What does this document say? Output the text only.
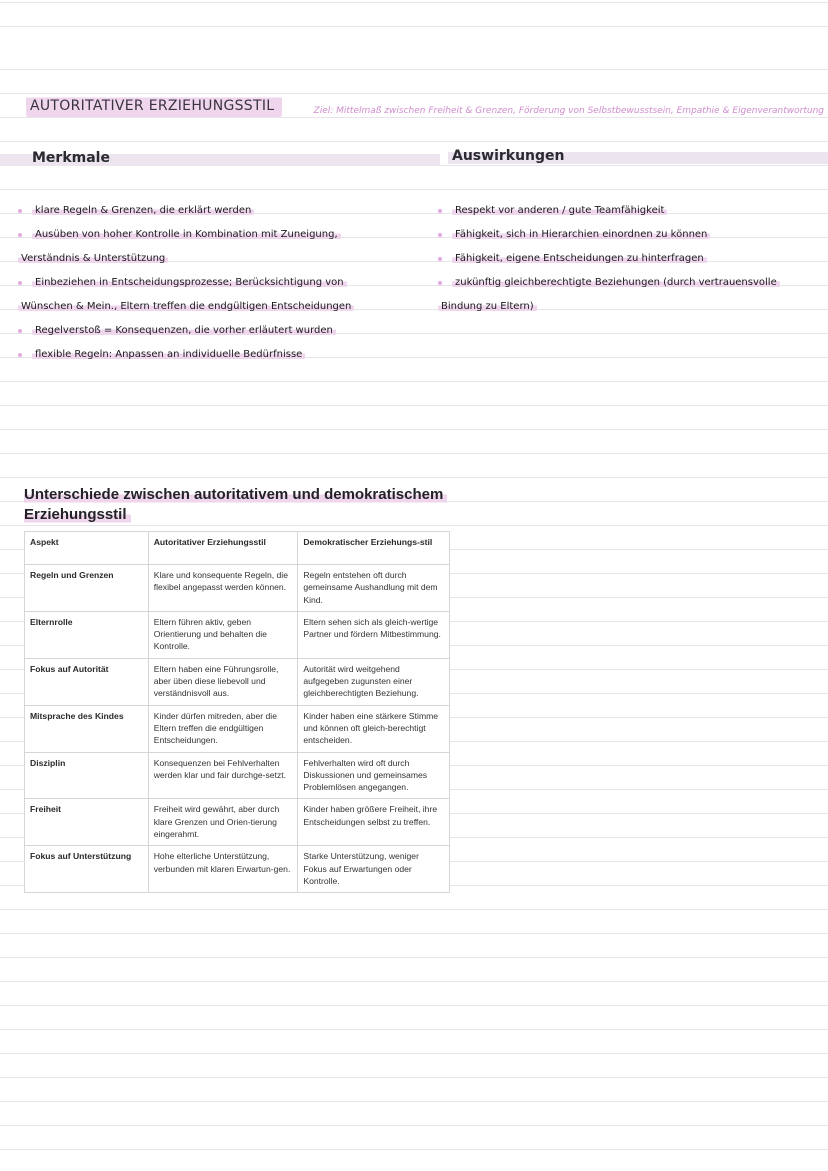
AUTORITATIVER ERZIEHUNGSSTIL	Ziel: Mittelmaß zwischen Freiheit & Grenzen, Förderung von Selbstbewusstsein, Empathie & Eigenverantwortung
Merkmale	Auswirkungen
klare Regeln & Grenzen, die erklärt werden
Ausüben von hoher Kontrolle in Kombination mit Zuneigung,
Verständnis & Unterstützung
Einbeziehen in Entscheidungsprozesse; Berücksichtigung von
Wünschen & Mein., Eltern treffen die endgültigen Entscheidungen
Regelverstoß = Konsequenzen, die vorher erläutert wurden
flexible Regeln: Anpassen an individuelle Bedürfnisse
Respekt vor anderen / gute Teamfähigkeit
Fähigkeit, sich in Hierarchien einordnen zu können
Fähigkeit, eigene Entscheidungen zu hinterfragen
zukünftig gleichberechtigte Beziehungen (durch vertrauensvolle
Bindung zu Eltern)
Unterschiede zwischen autoritativem und demokratischem
Erziehungsstil
Aspekt	Autoritativer Erziehungsstil	Demokratischer Erziehungs-stil
Regeln und Grenzen	Klare und konsequente Regeln, die flexibel angepasst werden können.	Regeln entstehen oft durch gemeinsame Aushandlung mit dem Kind.
Elternrolle	Eltern führen aktiv, geben Orientierung und behalten die Kontrolle.	Eltern sehen sich als gleich-wertige Partner und fördern Mitbestimmung.
Fokus auf Autorität	Eltern haben eine Führungsrolle, aber üben diese liebevoll und verständnisvoll aus.	Autorität wird weitgehend aufgegeben zugunsten einer gleichberechtigten Beziehung.
Mitsprache des Kindes	Kinder dürfen mitreden, aber die Eltern treffen die endgültigen Entscheidungen.	Kinder haben eine stärkere Stimme und können oft gleich-berechtigt entscheiden.
Disziplin	Konsequenzen bei Fehlverhalten werden klar und fair durchge-setzt.	Fehlverhalten wird oft durch Diskussionen und gemeinsames Problemlösen angegangen.
Freiheit	Freiheit wird gewährt, aber durch klare Grenzen und Orien-tierung eingerahmt.	Kinder haben größere Freiheit, ihre Entscheidungen selbst zu treffen.
Fokus auf Unterstützung	Hohe elterliche Unterstützung, verbunden mit klaren Erwartun-gen.	Starke Unterstützung, weniger Fokus auf Erwartungen oder Kontrolle.
